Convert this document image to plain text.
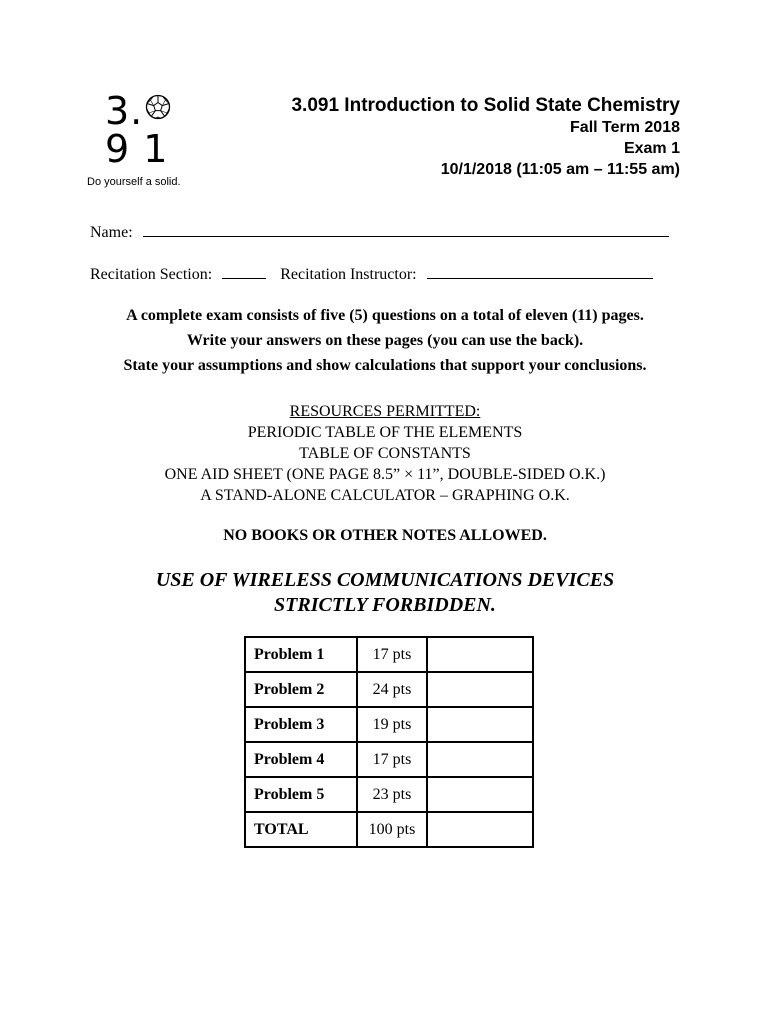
3.
9 1
Do yourself a solid.
3.091 Introduction to Solid State Chemistry
Fall Term 2018
Exam 1
10/1/2018 (11:05 am – 11:55 am)
Name:
Recitation Section:	Recitation Instructor:
A complete exam consists of five (5) questions on a total of eleven (11) pages.
Write your answers on these pages (you can use the back).
State your assumptions and show calculations that support your conclusions.
RESOURCES PERMITTED:
PERIODIC TABLE OF THE ELEMENTS
TABLE OF CONSTANTS
ONE AID SHEET (ONE PAGE 8.5” × 11”, DOUBLE-SIDED O.K.)
A STAND-ALONE CALCULATOR – GRAPHING O.K.
NO BOOKS OR OTHER NOTES ALLOWED.
USE OF WIRELESS COMMUNICATIONS DEVICES
STRICTLY FORBIDDEN.
Problem 1	17 pts	
Problem 2	24 pts	
Problem 3	19 pts	
Problem 4	17 pts	
Problem 5	23 pts	
TOTAL	100 pts	
